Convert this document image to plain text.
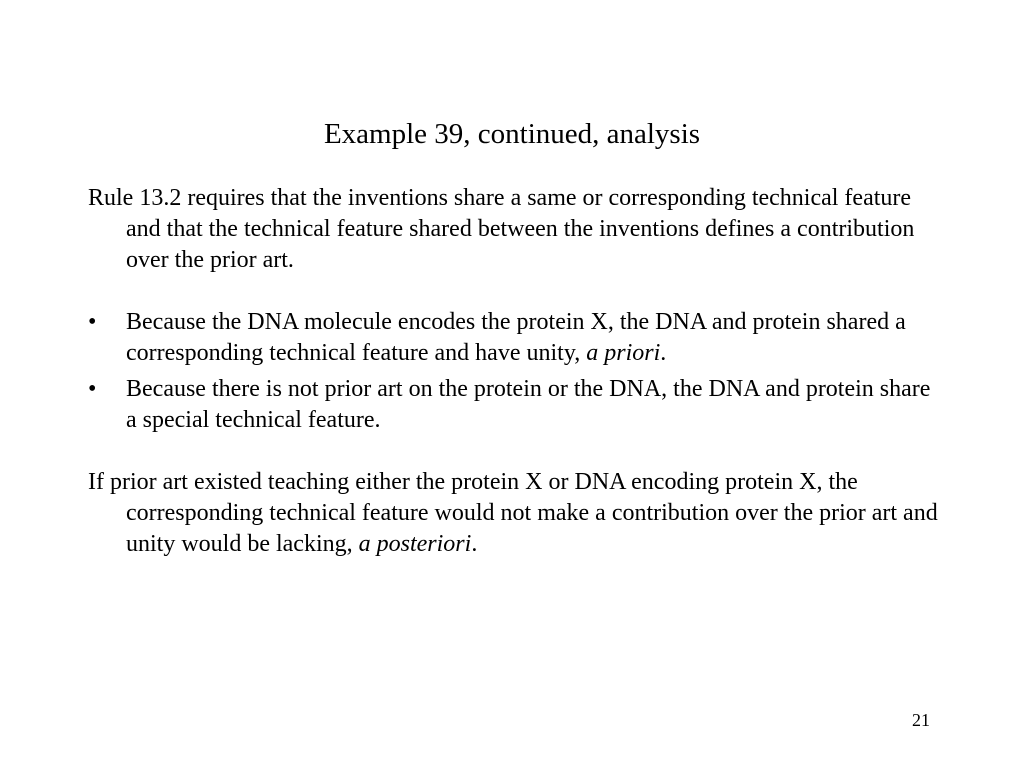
Example 39, continued, analysis

Rule 13.2 requires that the inventions share a same or corresponding technical feature and that the technical feature shared between the inventions defines a contribution over the prior art.

• Because the DNA molecule encodes the protein X, the DNA and protein shared a corresponding technical feature and have unity, a priori.
• Because there is not prior art on the protein or the DNA, the DNA and protein share a special technical feature.

If prior art existed teaching either the protein X or DNA encoding protein X, the corresponding technical feature would not make a contribution over the prior art and unity would be lacking, a posteriori.

21
